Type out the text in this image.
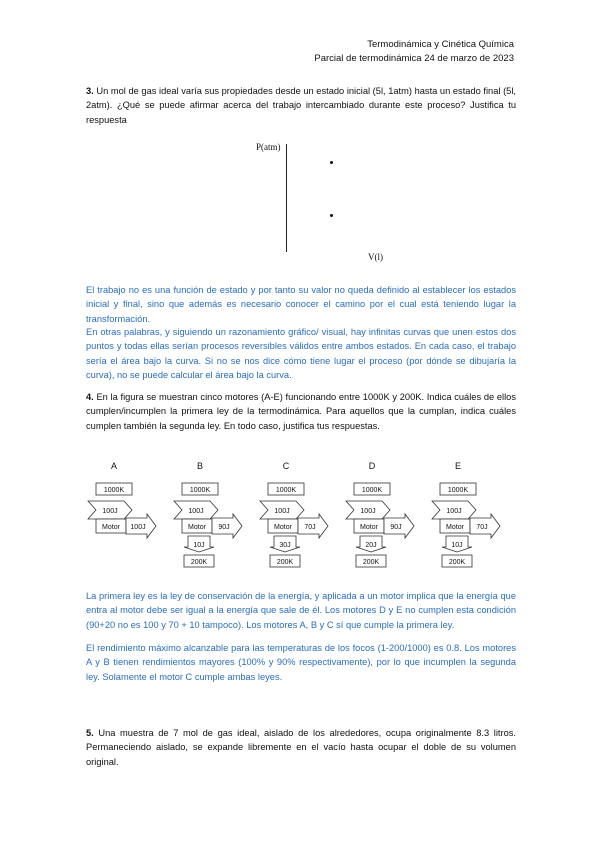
Termodinámica y Cinética Química
Parcial de termodinámica 24 de marzo de 2023
3. Un mol de gas ideal varía sus propiedades desde un estado inicial (5l, 1atm) hasta un estado final (5l, 2atm). ¿Qué se puede afirmar acerca del trabajo intercambiado durante este proceso? Justifica tu respuesta
P(atm)
V(l)
El trabajo no es una función de estado y por tanto su valor no queda definido al establecer los estados inicial y final, sino que además es necesario conocer el camino por el cual está teniendo lugar la transformación.
En otras palabras, y siguiendo un razonamiento gráfico/ visual, hay infinitas curvas que unen estos dos puntos y todas ellas serían procesos reversibles válidos entre ambos estados. En cada caso, el trabajo sería el área bajo la curva. Si no se nos dice cómo tiene lugar el proceso (por dónde se dibujaría la curva), no se puede calcular el área bajo la curva.
4. En la figura se muestran cinco motores (A-E) funcionando entre 1000K y 200K. Indica cuáles de ellos cumplen/incumplen la primera ley de la termodinámica. Para aquellos que la cumplan, indica cuáles cumplen también la segunda ley. En todo caso, justifica tus respuestas.
A
1000K
100J
Motor 100J
B
1000K
100J
Motor 90J
10J
200K
C
1000K
100J
Motor 70J
30J
200K
D
1000K
100J
Motor 90J
20J
200K
E
1000K
100J
Motor 70J
10J
200K
La primera ley es la ley de conservación de la energía, y aplicada a un motor implica que la energía que entra al motor debe ser igual a la energía que sale de él. Los motores D y E no cumplen esta condición (90+20 no es 100 y 70 + 10 tampoco). Los motores A, B y C sí que cumple la primera ley.
El rendimiento máximo alcanzable para las temperaturas de los focos (1-200/1000) es 0.8. Los motores A y B tienen rendimientos mayores (100% y 90% respectivamente), por lo que incumplen la segunda ley. Solamente el motor C cumple ambas leyes.
5. Una muestra de 7 mol de gas ideal, aislado de los alrededores, ocupa originalmente 8.3 litros. Permaneciendo aislado, se expande libremente en el vacío hasta ocupar el doble de su volumen original.
